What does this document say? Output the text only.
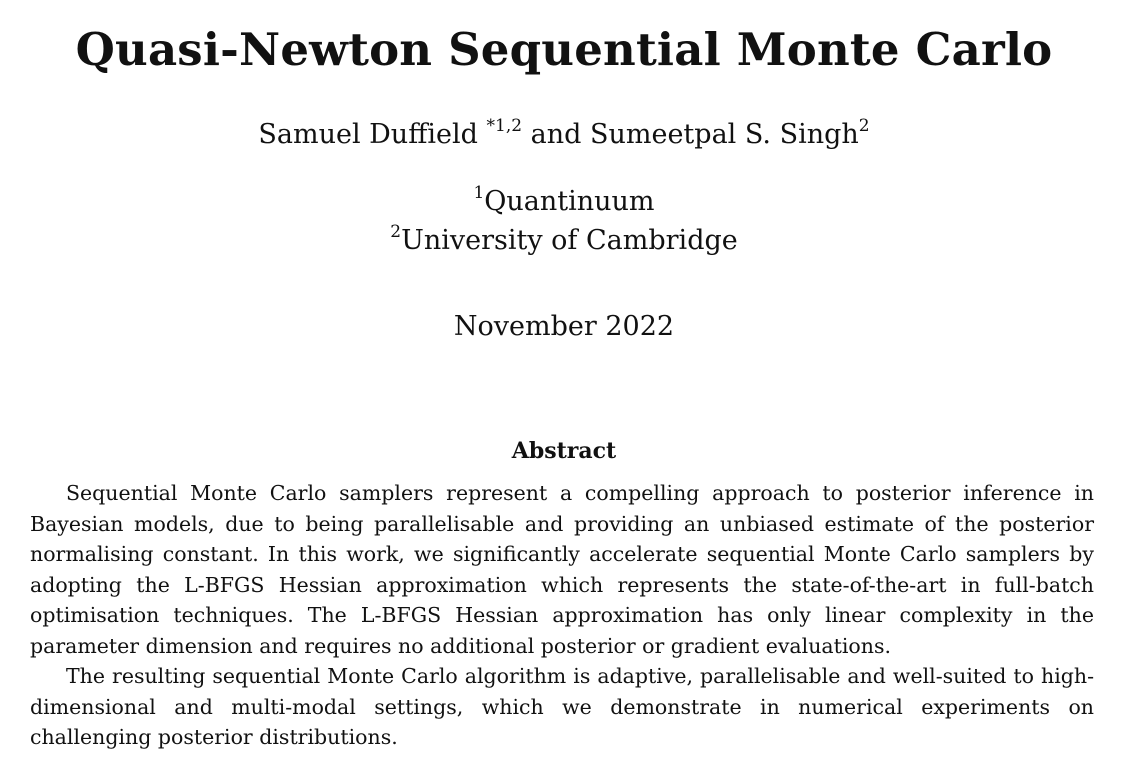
Quasi-Newton Sequential Monte Carlo
Samuel Duffield $^{*1,2}$ and Sumeetpal S. Singh$^2$
$^1$Quantinuum
$^2$University of Cambridge
November 2022
Abstract

Sequential Monte Carlo samplers represent a compelling approach to posterior inference in Bayesian models, due to being parallelisable and providing an unbiased estimate of the posterior normalising constant. In this work, we significantly accelerate sequential Monte Carlo samplers by adopting the L-BFGS Hessian approximation which represents the state-of-the-art in full-batch optimisation techniques. The L-BFGS Hessian approximation has only linear complexity in the parameter dimension and requires no additional posterior or gradient evaluations.

The resulting sequential Monte Carlo algorithm is adaptive, parallelisable and well-suited to high-dimensional and multi-modal settings, which we demonstrate in numerical experiments on challenging posterior distributions.
